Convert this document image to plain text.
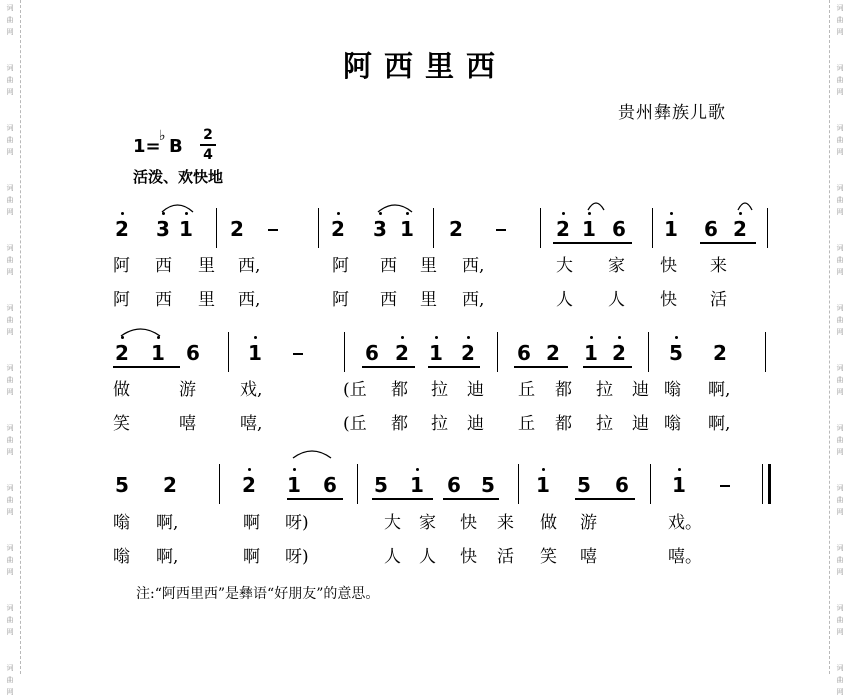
词
曲
网
词
曲
网
词
曲
网
词
曲
网
词
曲
网
词
曲
网
词
曲
网
词
曲
网
词
曲
网
词
曲
网
词
曲
网
词
曲
网
词
曲
网
词
曲
网
词
曲
网
词
曲
网
词
曲
网
词
曲
网
词
曲
网
词
曲
网
词
曲
网
词
曲
网
词
曲
网
词
曲
网
阿西里西
贵州彝族儿歌
1=
♭ B
2
4
活泼、欢快地
2 3 1 2	2 3 1 2	2 1 6 1 6 2
阿 西 里 西,	阿 西 里 西,	大 家 快 来
阿 西 里 西,	阿 西 里 西,	人 人 快 活
2 1 6 1	6 2 1 2 6 2 1 2 5 2
做	游	戏,	(丘 都 拉 迪 丘 都 拉 迪 嗡 啊,
笑	嘻	嘻,	(丘 都 拉 迪 丘 都 拉 迪 嗡 啊,
5 2	2 1 6 5 1 6 5 1 5 6 1
嗡 啊,	啊 呀)	大 家 快 来 做 游	戏。
嗡 啊,	啊 呀)	人 人 快 活 笑 嘻	嘻。
注:“阿西里西”是彝语“好朋友”的意思。
